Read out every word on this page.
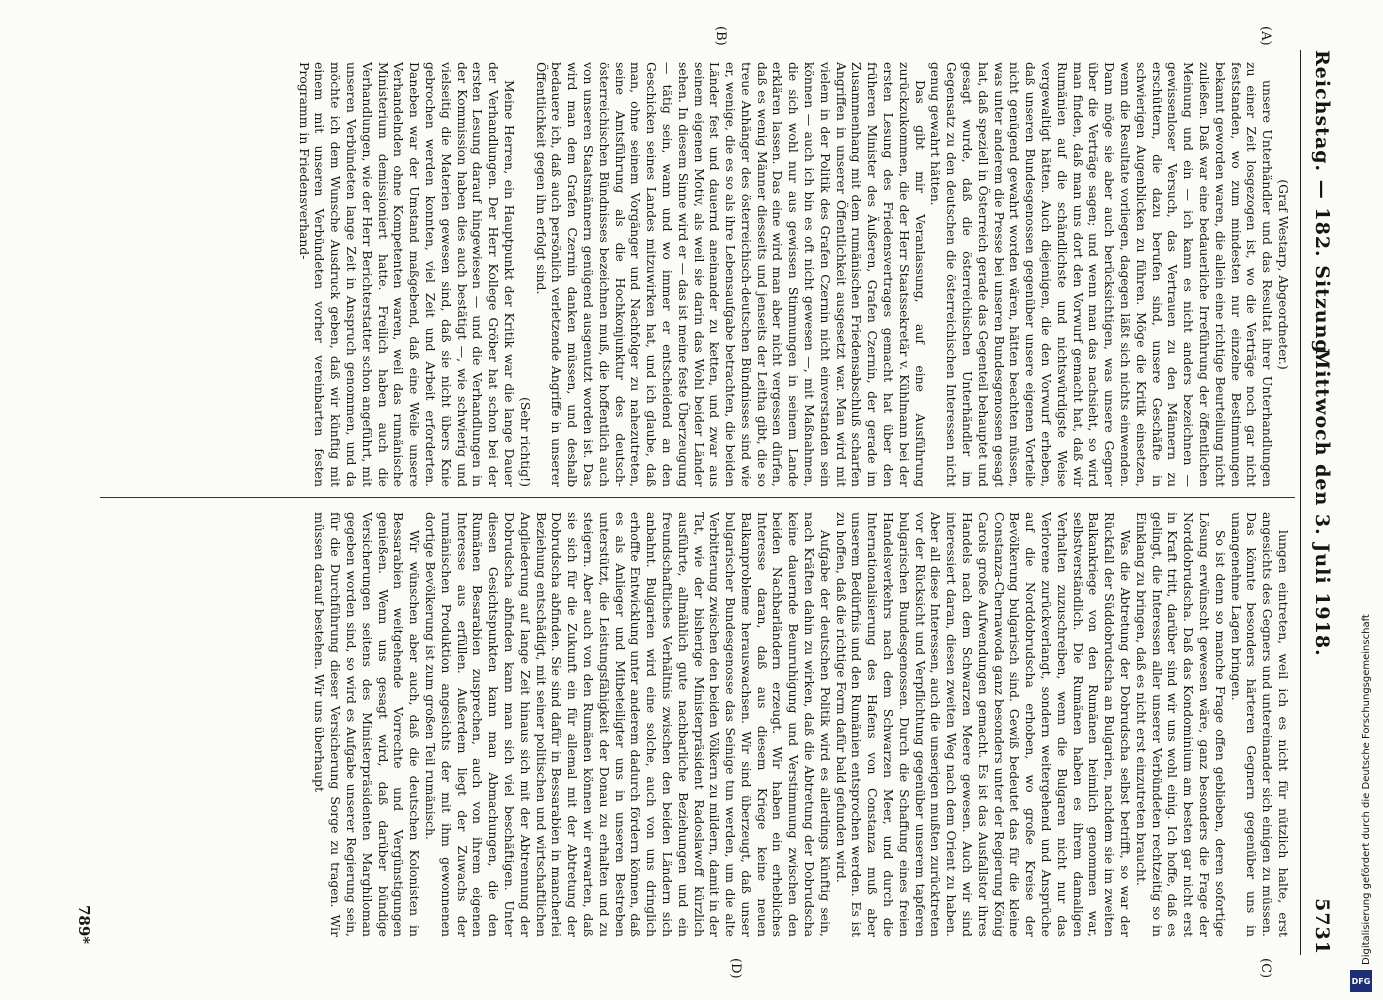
Reichstag. — 182. Sitzung.
Mittwoch den 3. Juli 1918.
5731
(A)
(B)
(C)
(D)

(Graf Westarp, Abgeordneter.)

unsere Unterhändler und das Resultat ihrer Unterhandlungen zu einer Zeit losgezogen ist, wo die Verträge noch gar nicht feststanden, wo zum mindesten nur einzelne Bestimmungen bekannt geworden waren, die allein eine richtige Beurteilung nicht zuließen. Daß war eine bedauerliche Irreführung der öffentlichen Meinung und ein — ich kann es nicht anders bezeichnen — gewissenloser Versuch, das Vertrauen zu den Männern zu erschüttern, die dazu berufen sind, unsere Geschäfte in schwierigen Augenblicken zu führen. Möge die Kritik einsetzen, wenn die Resultate vorliegen, dagegen läßt sich nichts einwenden. Dann möge sie aber auch berücksichtigen, was unsere Gegner über die Verträge sagen; und wenn man das nachsieht, so wird man finden, daß man uns dort den Vorwurf gemacht hat, daß wir Rumänien auf die schändlichste und nichtswürdigste Weise vergewaltigt hätten. Auch diejenigen, die den Vorwurf erheben, daß unseren Bundesgenossen gegenüber unsere eigenen Vorteile nicht genügend gewahrt worden wären, hätten beachten müssen, was unter anderem die Presse bei unseren Bundesgenossen gesagt hat, daß speziell in Österreich gerade das Gegenteil behauptet und gesagt wurde, daß die österreichischen Unterhändler im Gegensatz zu den deutschen die österreichischen Interessen nicht genug gewahrt hätten.

Das gibt mir Veranlassung, auf eine Ausführung zurückzukommen, die der Herr Staatssekretär v. Kühlmann bei der ersten Lesung des Friedensvertrages gemacht hat über den früheren Minister des Äußeren, Grafen Czernin, der gerade im Zusammenhang mit dem rumänischen Friedensabschluß scharfen Angriffen in unserer Öffentlichkeit ausgesetzt war. Man wird mit vielem in der Politik des Grafen Czernin nicht einverstanden sein können — auch ich bin es oft nicht gewesen —, mit Maßnahmen, die sich wohl nur aus gewissen Stimmungen in seinem Lande erklären lassen. Das eine wird man aber nicht vergessen dürfen, daß es wenig Männer diesseits und jenseits der Leitha gibt, die so treue Anhänger des österreichisch-deutschen Bündnisses sind wie er, wenige, die es so als ihre Lebensaufgabe betrachten, die beiden Länder fest und dauernd aneinander zu ketten, und zwar aus seinem eigenen Motiv, als weil sie darin das Wohl beider Länder sehen. In diesem Sinne wird er — das ist meine feste Überzeugung — tätig sein, wann und wo immer er entscheidend an den Geschicken seines Landes mitzuwirken hat, und ich glaube, daß man, ohne seinem Vorgänger und Nachfolger zu nahezutreten, seine Amtsführung als die Hochkonjunktur des deutsch-österreichischen Bündnisses bezeichnen muß, die hoffentlich auch von unseren Staatsmännern genügend ausgenutzt worden ist. Das wird man dem Grafen Czernin danken müssen, und deshalb bedauere ich, daß auch persönlich verletzende Angriffe in unserer Öffentlichkeit gegen ihn erfolgt sind.

(Sehr richtig!)

Meine Herren, ein Hauptpunkt der Kritik war die lange Dauer der Verhandlungen. Der Herr Kollege Gröber hat schon bei der ersten Lesung darauf hingewiesen — und die Verhandlungen in der Kommission haben dies auch bestätigt —, wie schwierig und vielseitig die Materien gewesen sind, daß sie nicht übers Knie gebrochen werden konnten, viel Zeit und Arbeit erforderten. Daneben war der Umstand maßgebend, daß eine Weile unsere Verhandelnden ohne Kompetenten waren, weil das rumänische Ministerium demissioniert hatte. Freilich haben auch die Verhandlungen, wie der Herr Berichterstatter schon angeführt, mit unseren Verbündeten lange Zeit in Anspruch genommen, und da möchte ich dem Wunsche Ausdruck geben, daß wir künftig mit einem mit unseren Verbündeten vorher vereinbarten festen Programm in Friedensverhand-

lungen eintreten, weil ich es nicht für nützlich halte, erst angesichts des Gegners und untereinander sich einigen zu müssen. Das könnte besonders härteren Gegnern gegenüber uns in unangenehme Lagen bringen.

So ist denn so manche Frage offen geblieben, deren sofortige Lösung erwünscht gewesen wäre, ganz besonders die Frage der Norddobrudscha. Daß das Kondominium am besten gar nicht erst in Kraft tritt, darüber sind wir uns wohl einig. Ich hoffe, daß es gelingt, die Interessen aller unserer Verbündeten rechtzeitig so in Einklang zu bringen, daß es nicht erst einzutreten braucht.

Was die Abtretung der Dobrudscha selbst betrifft, so war der Rückfall der Süddobrudscha an Bulgarien, nachdem sie im zweiten Balkankriege von den Rumänen heimlich genommen war, selbstverständlich. Die Rumänen haben es ihrem damaligen Verhalten zuzuschreiben, wenn die Bulgaren nicht nur das Verlorene zurückverlangt, sondern weitergehend und Ansprüche auf die Norddobrudscha erhoben, wo große Kreise der Bevölkerung bulgarisch sind. Gewiß bedeutet das für die kleine Constanza-Chernawoda ganz besonders unter der Regierung König Carols große Aufwendungen gemacht. Es ist das Ausfallstor ihres Handels nach dem Schwarzen Meere gewesen. Auch wir sind interessiert daran, diesen zweiten Weg nach dem Orient zu haben. Aber all diese Interessen, auch die unserigen mußten zurücktreten vor der Rücksicht und Verpflichtung gegenüber unserem tapferen bulgarischen Bundesgenossen. Durch die Schaffung eines freien Handelsverkehrs nach dem Schwarzen Meer, und durch die Internationalisierung des Hafens von Constanza muß aber unserem Bedürfnis und den Rumänien entsprochen werden. Es ist zu hoffen, daß die richtige Form dafür bald gefunden wird.

Aufgabe der deutschen Politik wird es allerdings künftig sein, nach Kräften dahin zu wirken, daß die Abtretung der Dobrudscha keine dauernde Beunruhigung und Verstimmung zwischen den beiden Nachbarländern erzeugt. Wir haben ein erhebliches Interesse daran, daß aus diesem Kriege keine neuen Balkanprobleme herauswachsen. Wir sind überzeugt, daß unser bulgarischer Bundesgenosse das Seinige tun werden, um die alte Verbitterung zwischen den beiden Völkern zu mildern, damit in der Tat, wie der bisherige Ministerpräsident Radoslawoff kürzlich ausführte, allmählich gute nachbarliche Beziehungen und ein freundschaftliches Verhältnis zwischen den beiden Ländern sich anbahnt. Bulgarien wird eine solche, auch von uns dringlich erhoffte Entwicklung unter anderem dadurch fördern können, daß es als Anlieger und Mitbeteiligter uns in unseren Bestreben unterstützt, die Leistungsfähigkeit der Donau zu erhalten und zu steigern. Aber auch von den Rumänen können wir erwarten, daß sie sich für die Zukunft ein für allemal mit der Abtretung der Dobrudscha abfinden. Sie sind dafür in Bessarabien in mancherlei Beziehung entschädigt, mit seiner politischen und wirtschaftlichen Angliederung auf lange Zeit hinaus sich mit der Abtrennung der Dobrudscha abfinden kann man sich viel beschäftigen. Unter diesen Gesichtspunkten kann man Abmachungen, die den Rumänen Besarabien zusprechen, auch von ihrem eigenen Interesse aus erfüllen. Außerdem liegt der Zuwachs der rumänischen Produktion angesichts der mit ihm gewonnenen dortige Bevölkerung ist zum großen Teil rumänisch.

Wir wünschen aber auch, daß die deutschen Kolonisten in Bessarabien weitgehende Vorrechte und Vergünstigungen genießen. Wenn uns gesagt wird, daß darüber bündige Versicherungen seitens des Ministerpräsidenten Marghiloman gegeben worden sind, so wird es Aufgabe unserer Regierung sein, für die Durchführung dieser Versicherung Sorge zu tragen. Wir müssen darauf bestehen. Wir uns überhaupt

789*	Digitalisierung gefördert durch die Deutsche Forschungsgemeinschaft
DFG
